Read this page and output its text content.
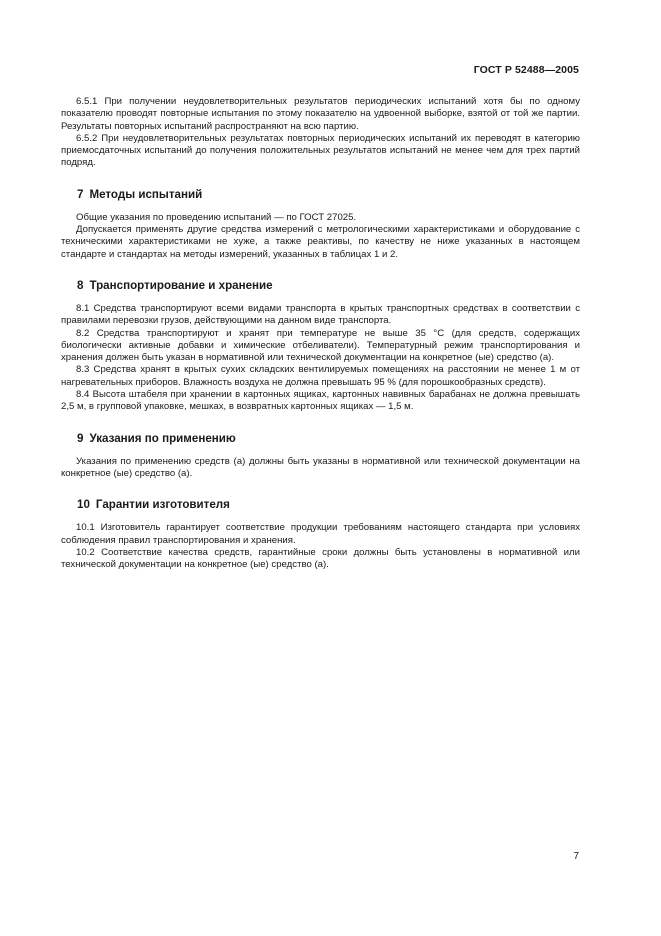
ГОСТ Р 52488—2005

6.5.1 При получении неудовлетворительных результатов периодических испытаний хотя бы по одному показателю проводят повторные испытания по этому показателю на удвоенной выборке, взятой от той же партии. Результаты повторных испытаний распространяют на всю партию.

6.5.2 При неудовлетворительных результатах повторных периодических испытаний их переводят в категорию приемосдаточных испытаний до получения положительных результатов испытаний не менее чем для трех партий подряд.

7 Методы испытаний

Общие указания по проведению испытаний — по ГОСТ 27025.

Допускается применять другие средства измерений с метрологическими характеристиками и оборудование с техническими характеристиками не хуже, а также реактивы, по качеству не ниже указанных в настоящем стандарте и стандартах на методы измерений, указанных в таблицах 1 и 2.

8 Транспортирование и хранение

8.1 Средства транспортируют всеми видами транспорта в крытых транспортных средствах в соответствии с правилами перевозки грузов, действующими на данном виде транспорта.

8.2 Средства транспортируют и хранят при температуре не выше 35 °С (для средств, содержащих биологически активные добавки и химические отбеливатели). Температурный режим транспортирования и хранения должен быть указан в нормативной или технической документации на конкретное (ые) средство (а).

8.3 Средства хранят в крытых сухих складских вентилируемых помещениях на расстоянии не менее 1 м от нагревательных приборов. Влажность воздуха не должна превышать 95 % (для порошкообразных средств).

8.4 Высота штабеля при хранении в картонных ящиках, картонных навивных барабанах не должна превышать 2,5 м, в групповой упаковке, мешках, в возвратных картонных ящиках — 1,5 м.

9 Указания по применению

Указания по применению средств (а) должны быть указаны в нормативной или технической документации на конкретное (ые) средство (а).

10 Гарантии изготовителя

10.1 Изготовитель гарантирует соответствие продукции требованиям настоящего стандарта при условиях соблюдения правил транспортирования и хранения.

10.2 Соответствие качества средств, гарантийные сроки должны быть установлены в нормативной или технической документации на конкретное (ые) средство (а).

7
